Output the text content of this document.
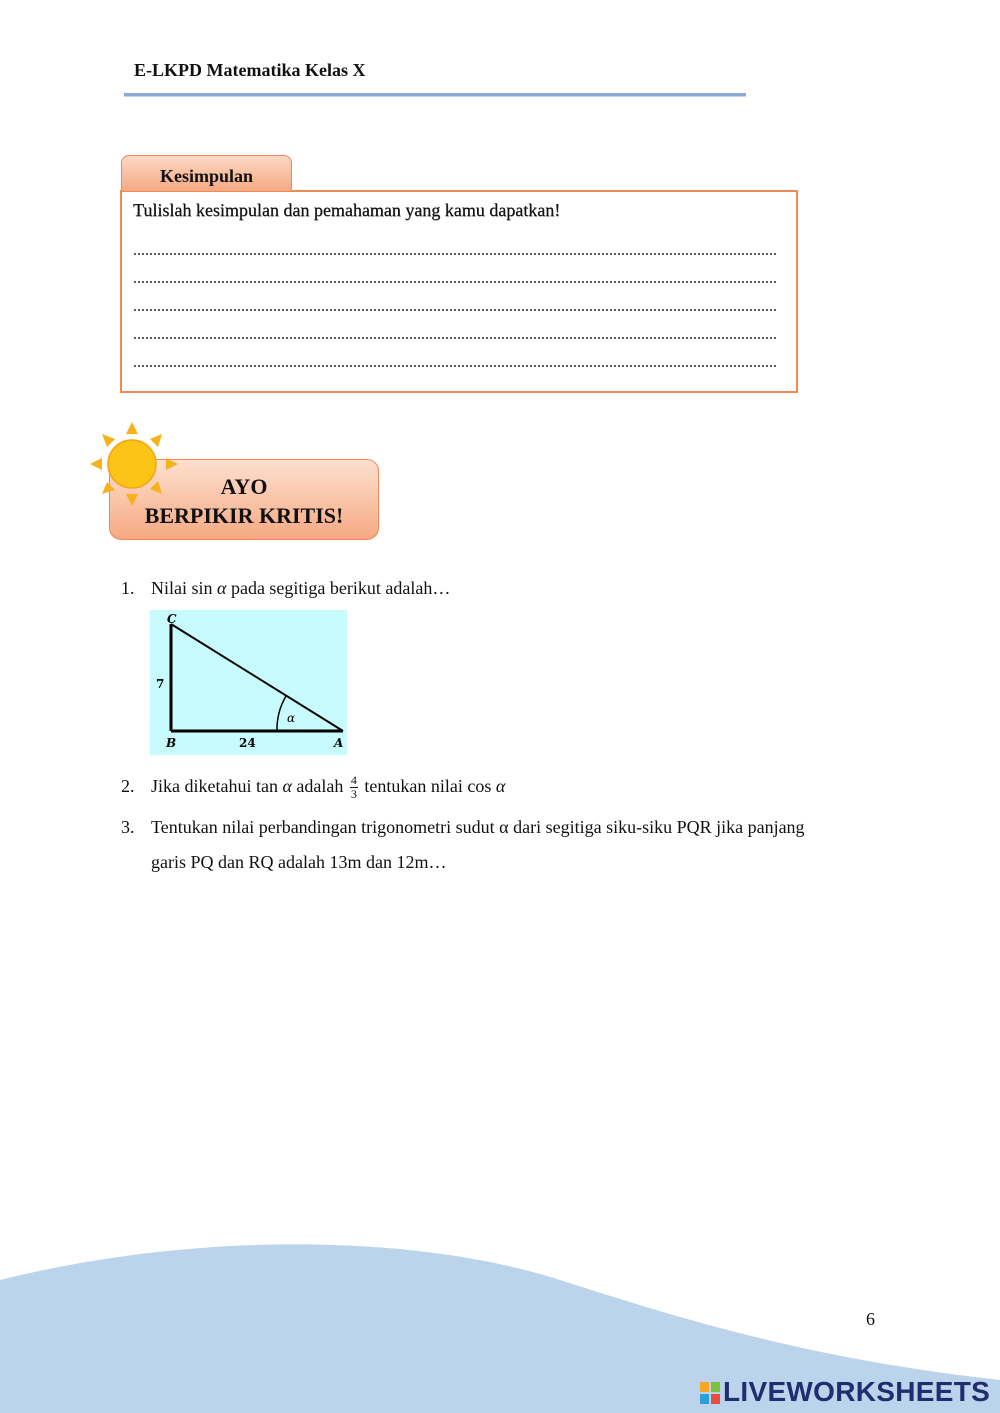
E-LKPD Matematika Kelas X
Kesimpulan
Tulislah kesimpulan dan pemahaman yang kamu dapatkan!
AYO
BERPIKIR KRITIS!
1. Nilai sin α pada segitiga berikut adalah…
C
7
B	24	A
α
2. Jika diketahui tan α adalah $\frac{4}{3}$ tentukan nilai cos α
3. Tentukan nilai perbandingan trigonometri sudut α dari segitiga siku-siku PQR jika panjang
garis PQ dan RQ adalah 13m dan 12m…
6
LIVEWORKSHEETS
